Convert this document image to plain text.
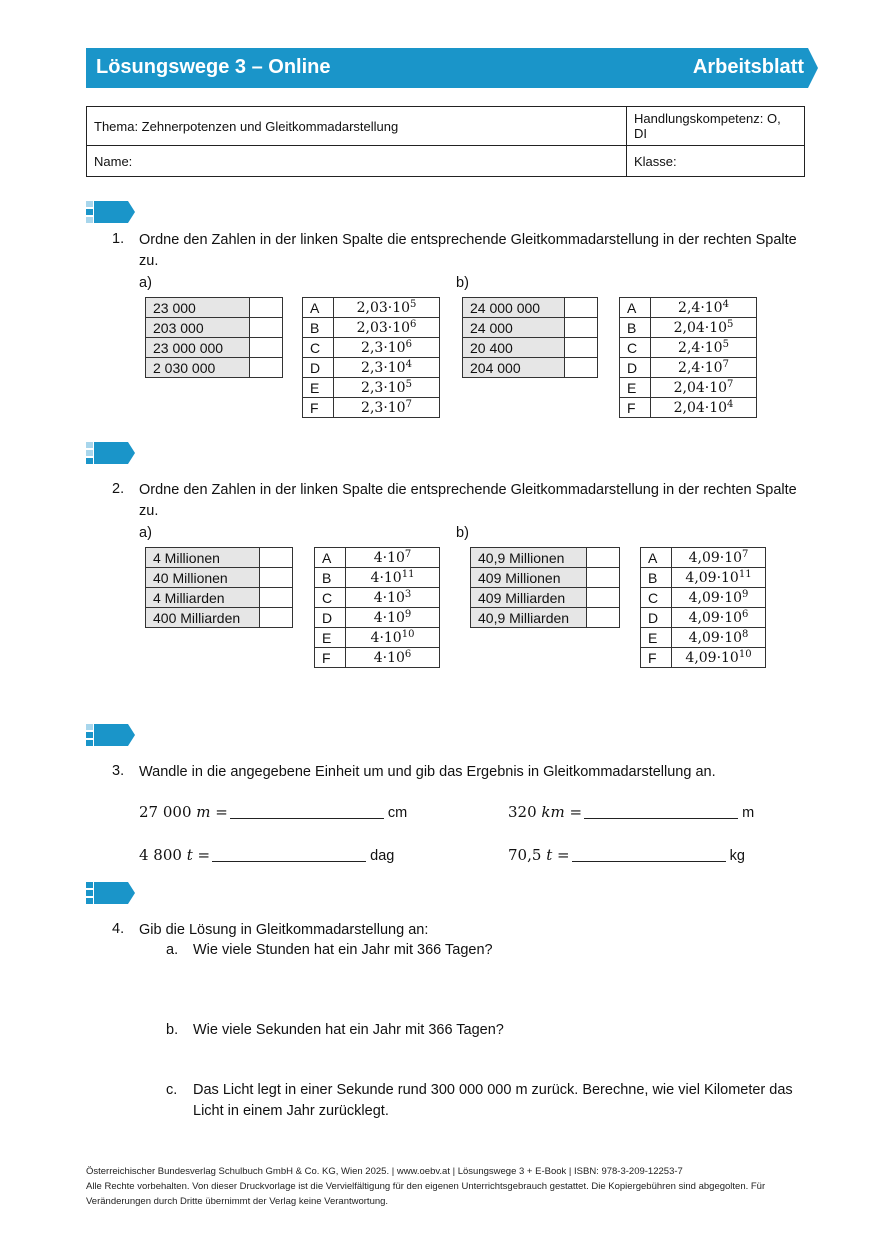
Lösungswege 3 – Online	Arbeitsblatt
Thema: Zehnerpotenzen und Gleitkommadarstellung	Handlungskompetenz: O, DI
Name:	Klasse:
1. Ordne den Zahlen in der linken Spalte die entsprechende Gleitkommadarstellung in der rechten Spalte zu.
a)	b)
23 000	
203 000	
23 000 000	
2 030 000	
A	$2,03\cdot 10^5$
B	$2,03\cdot 10^6$
C	$2,3\cdot 10^6$
D	$2,3\cdot 10^4$
E	$2,3\cdot 10^5$
F	$2,3\cdot 10^7$
24 000 000	
24 000	
20 400	
204 000	
A	$2,4\cdot 10^4$
B	$2,04\cdot 10^5$
C	$2,4\cdot 10^5$
D	$2,4\cdot 10^7$
E	$2,04\cdot 10^7$
F	$2,04\cdot 10^4$
2. Ordne den Zahlen in der linken Spalte die entsprechende Gleitkommadarstellung in der rechten Spalte zu.
a)	b)
4 Millionen	
40 Millionen	
4 Milliarden	
400 Milliarden	
A	$4\cdot 10^7$
B	$4\cdot 10^{11}$
C	$4\cdot 10^3$
D	$4\cdot 10^9$
E	$4\cdot 10^{10}$
F	$4\cdot 10^6$
40,9 Millionen	
409 Millionen	
409 Milliarden	
40,9 Milliarden	
A	$4,09\cdot 10^7$
B	$4,09\cdot 10^{11}$
C	$4,09\cdot 10^9$
D	$4,09\cdot 10^6$
E	$4,09\cdot 10^8$
F	$4,09\cdot 10^{10}$
3. Wandle in die angegebene Einheit um und gib das Ergebnis in Gleitkommadarstellung an.
27 000 m =	cm	320 km =	m
4 800 t =	dag	70,5 t =	kg
4. Gib die Lösung in Gleitkommadarstellung an:
a. Wie viele Stunden hat ein Jahr mit 366 Tagen?
b. Wie viele Sekunden hat ein Jahr mit 366 Tagen?
c. Das Licht legt in einer Sekunde rund 300 000 000 m zurück. Berechne, wie viel Kilometer das Licht in einem Jahr zurücklegt.
Österreichischer Bundesverlag Schulbuch GmbH & Co. KG, Wien 2025. | www.oebv.at | Lösungswege 3 + E-Book | ISBN: 978-3-209-12253-7
Alle Rechte vorbehalten. Von dieser Druckvorlage ist die Vervielfältigung für den eigenen Unterrichtsgebrauch gestattet. Die Kopiergebühren sind abgegolten. Für Veränderungen durch Dritte übernimmt der Verlag keine Verantwortung.
